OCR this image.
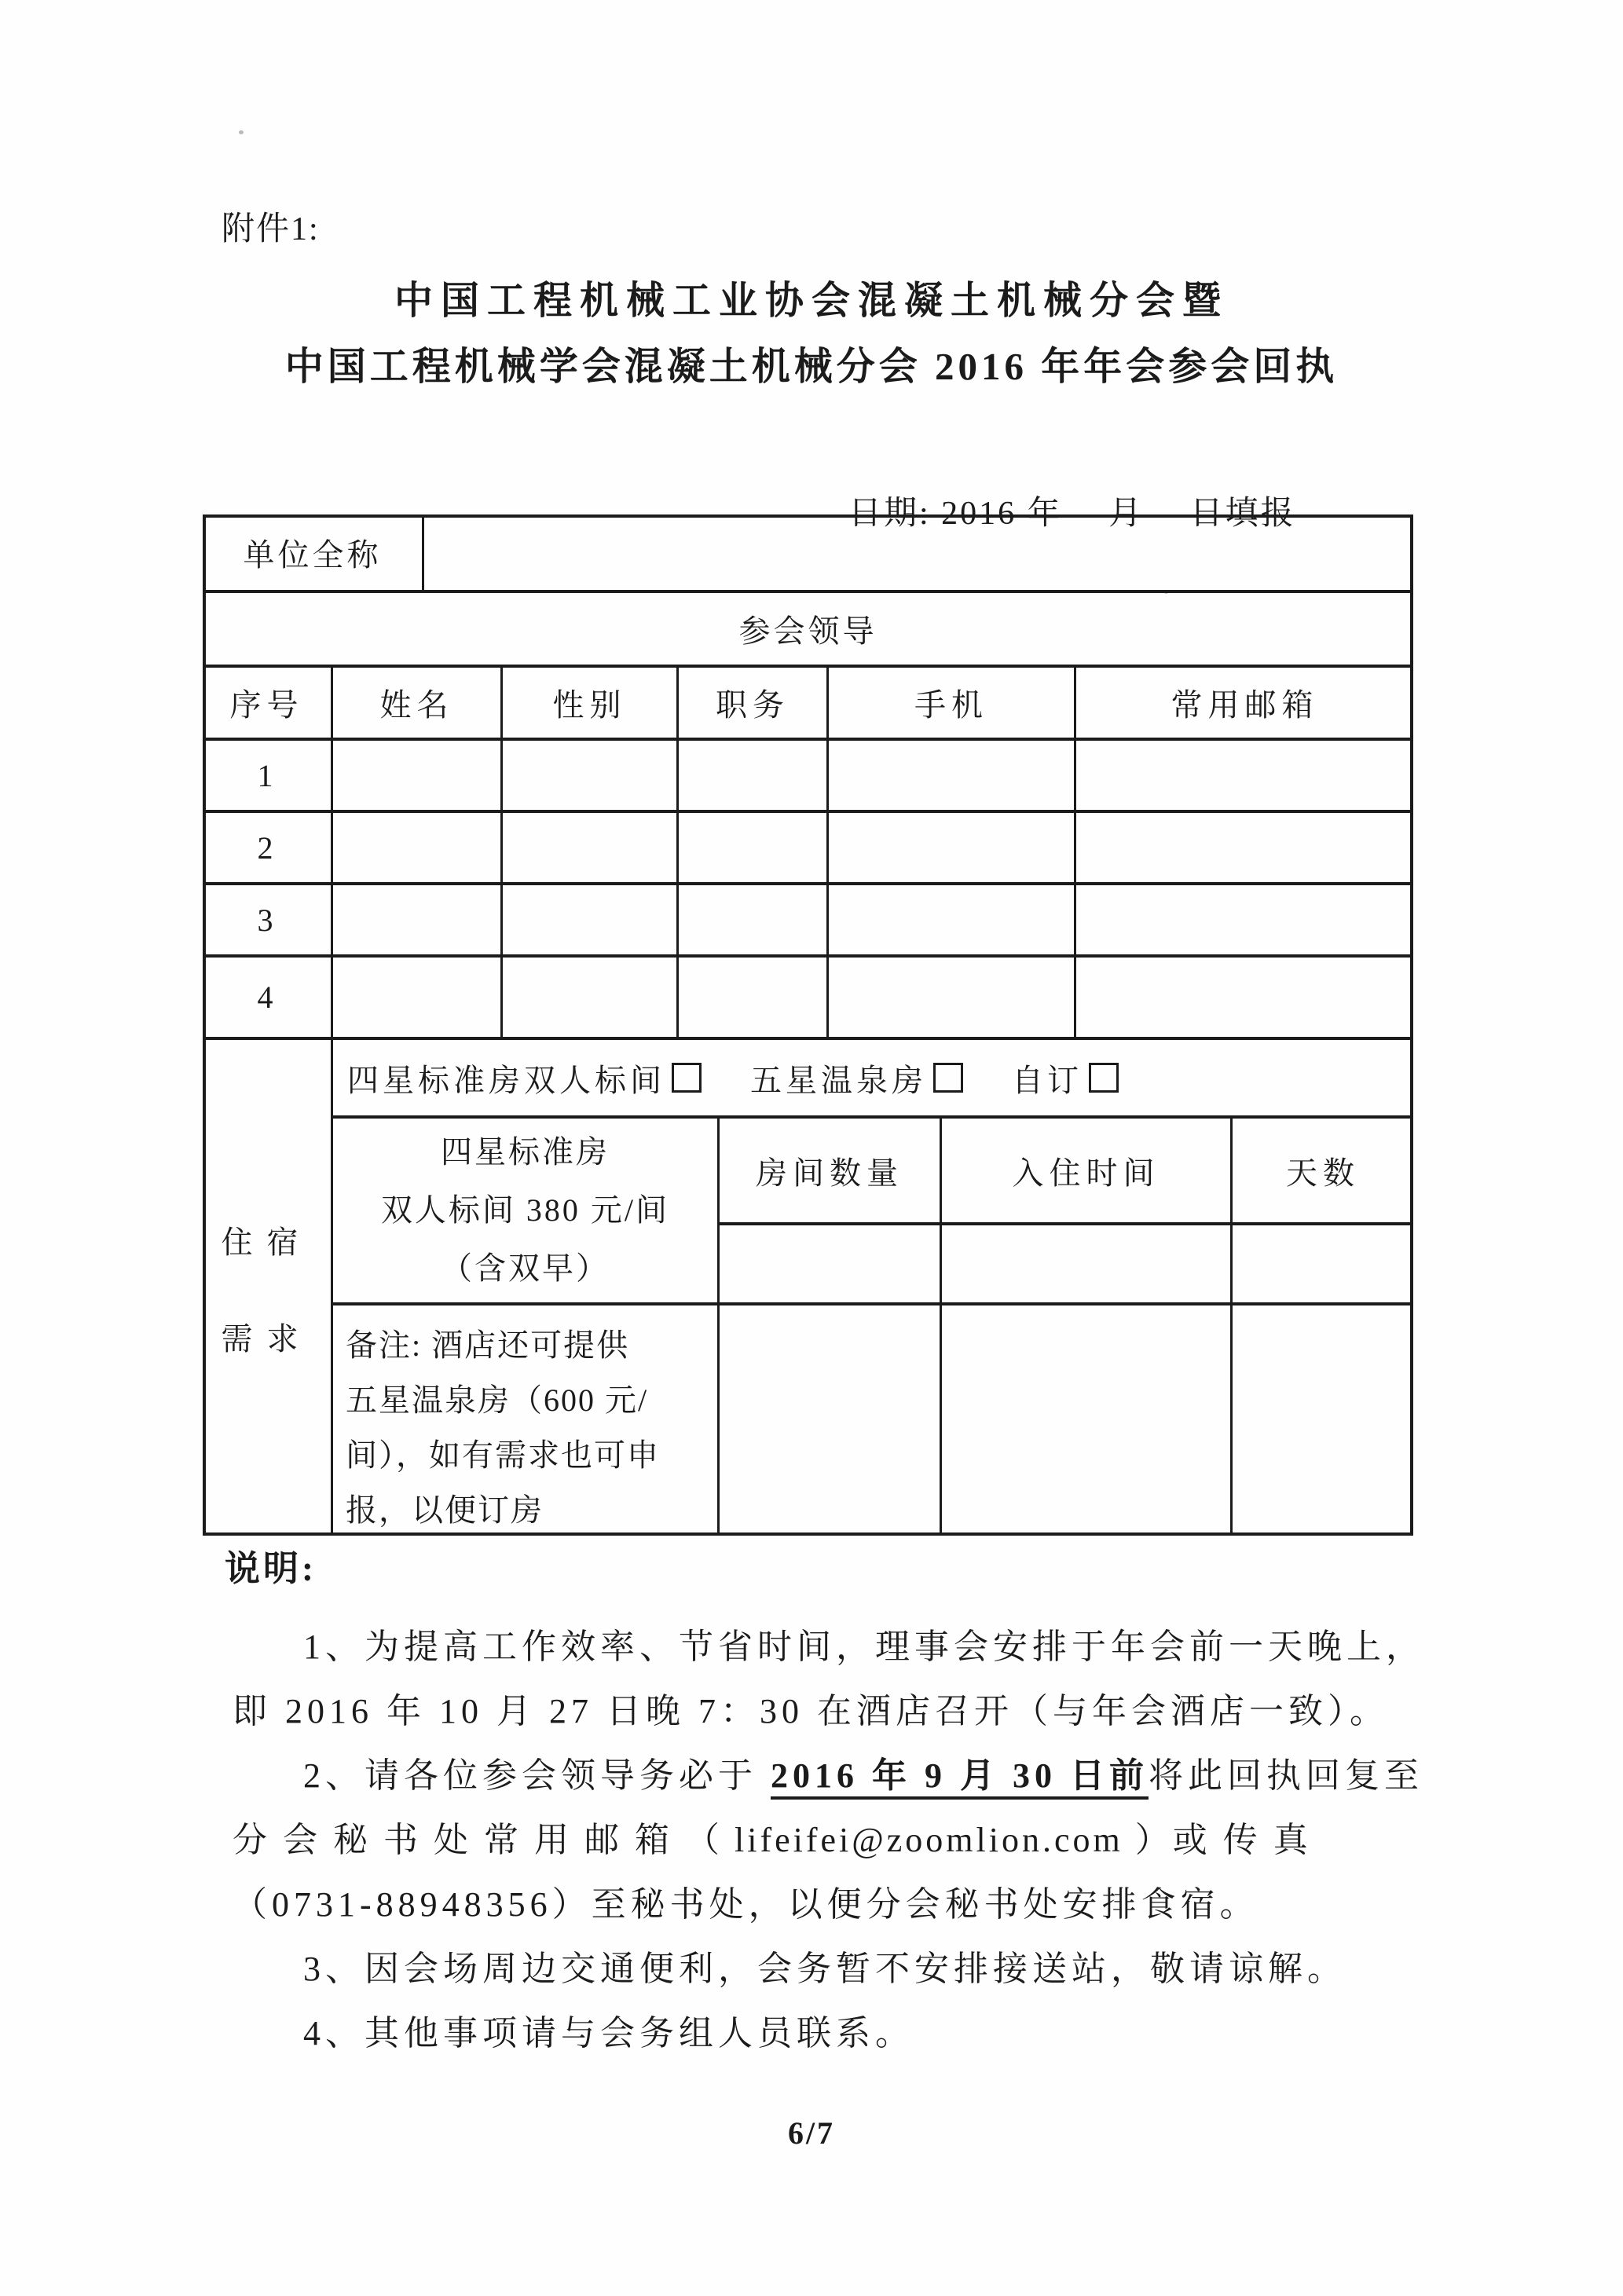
附件1:
中国工程机械工业协会混凝土机械分会暨
中国工程机械学会混凝土机械分会 2016 年年会参会回执
日期: 2016 年　 月　 日填报
单位全称
参会领导
序号	姓名	性别	职务	手机	常用邮箱
1
2
3
4
住宿
需求
四星标准房双人标间	五星温泉房	自订
四星标准房
双人标间 380 元/间
（含双早）
房间数量	入住时间	天数
备注: 酒店还可提供
五星温泉房（600 元/
间），如有需求也可申
报，以便订房
说明:
1、为提高工作效率、节省时间，理事会安排于年会前一天晚上，
即 2016 年 10 月 27 日晚 7：30 在酒店召开（与年会酒店一致）。
2、请各位参会领导务必于 2016 年 9 月 30 日前将此回执回复至
分会秘书处常用邮箱（ lifeifei@zoomlion.com ）或传真
（0731-88948356）至秘书处，以便分会秘书处安排食宿。
3、因会场周边交通便利，会务暂不安排接送站，敬请谅解。
4、其他事项请与会务组人员联系。
6/7
